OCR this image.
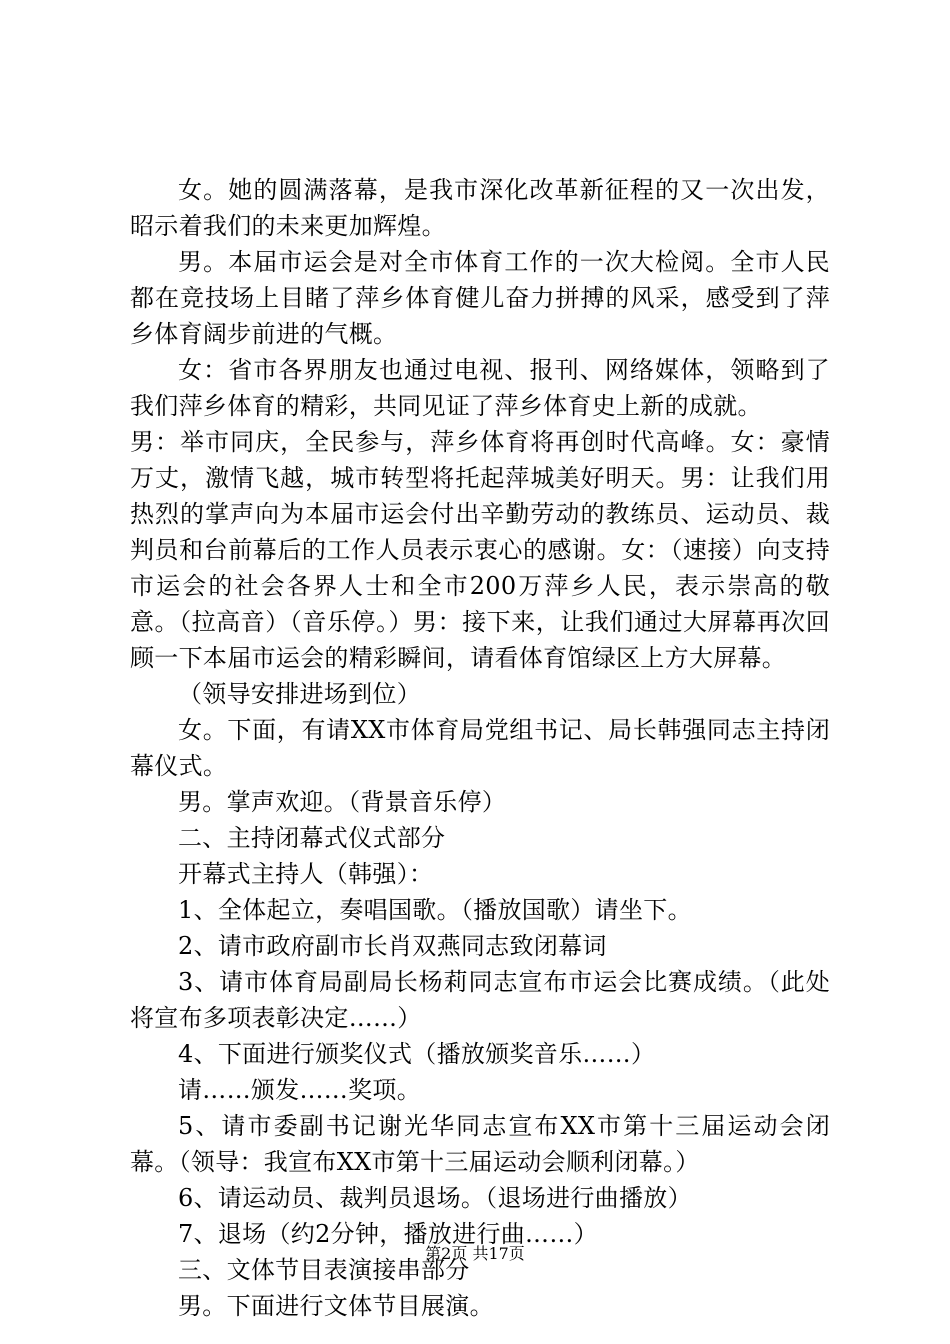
女。她的圆满落幕，是我市深化改革新征程的又一次出发，昭示着我们的未来更加辉煌。

男。本届市运会是对全市体育工作的一次大检阅。全市人民都在竞技场上目睹了萍乡体育健儿奋力拼搏的风采，感受到了萍乡体育阔步前进的气概。

女：省市各界朋友也通过电视、报刊、网络媒体，领略到了我们萍乡体育的精彩，共同见证了萍乡体育史上新的成就。

男：举市同庆，全民参与，萍乡体育将再创时代高峰。女：豪情万丈，激情飞越，城市转型将托起萍城美好明天。男：让我们用热烈的掌声向为本届市运会付出辛勤劳动的教练员、运动员、裁判员和台前幕后的工作人员表示衷心的感谢。女：（速接）向支持市运会的社会各界人士和全市200万萍乡人民，表示崇高的敬意。（拉高音）（音乐停。）男：接下来，让我们通过大屏幕再次回顾一下本届市运会的精彩瞬间，请看体育馆绿区上方大屏幕。

（领导安排进场到位）

女。下面，有请XX市体育局党组书记、局长韩强同志主持闭幕仪式。

男。掌声欢迎。（背景音乐停）

二、主持闭幕式仪式部分

开幕式主持人（韩强）：

1、全体起立，奏唱国歌。（播放国歌）请坐下。

2、请市政府副市长肖双燕同志致闭幕词

3、请市体育局副局长杨莉同志宣布市运会比赛成绩。（此处将宣布多项表彰决定……）

4、下面进行颁奖仪式（播放颁奖音乐……）

请……颁发……奖项。

5、请市委副书记谢光华同志宣布XX市第十三届运动会闭幕。（领导：我宣布XX市第十三届运动会顺利闭幕。）

6、请运动员、裁判员退场。（退场进行曲播放）

7、退场（约2分钟，播放进行曲……）

三、文体节目表演接串部分

男。下面进行文体节目展演。

第2页 共17页
